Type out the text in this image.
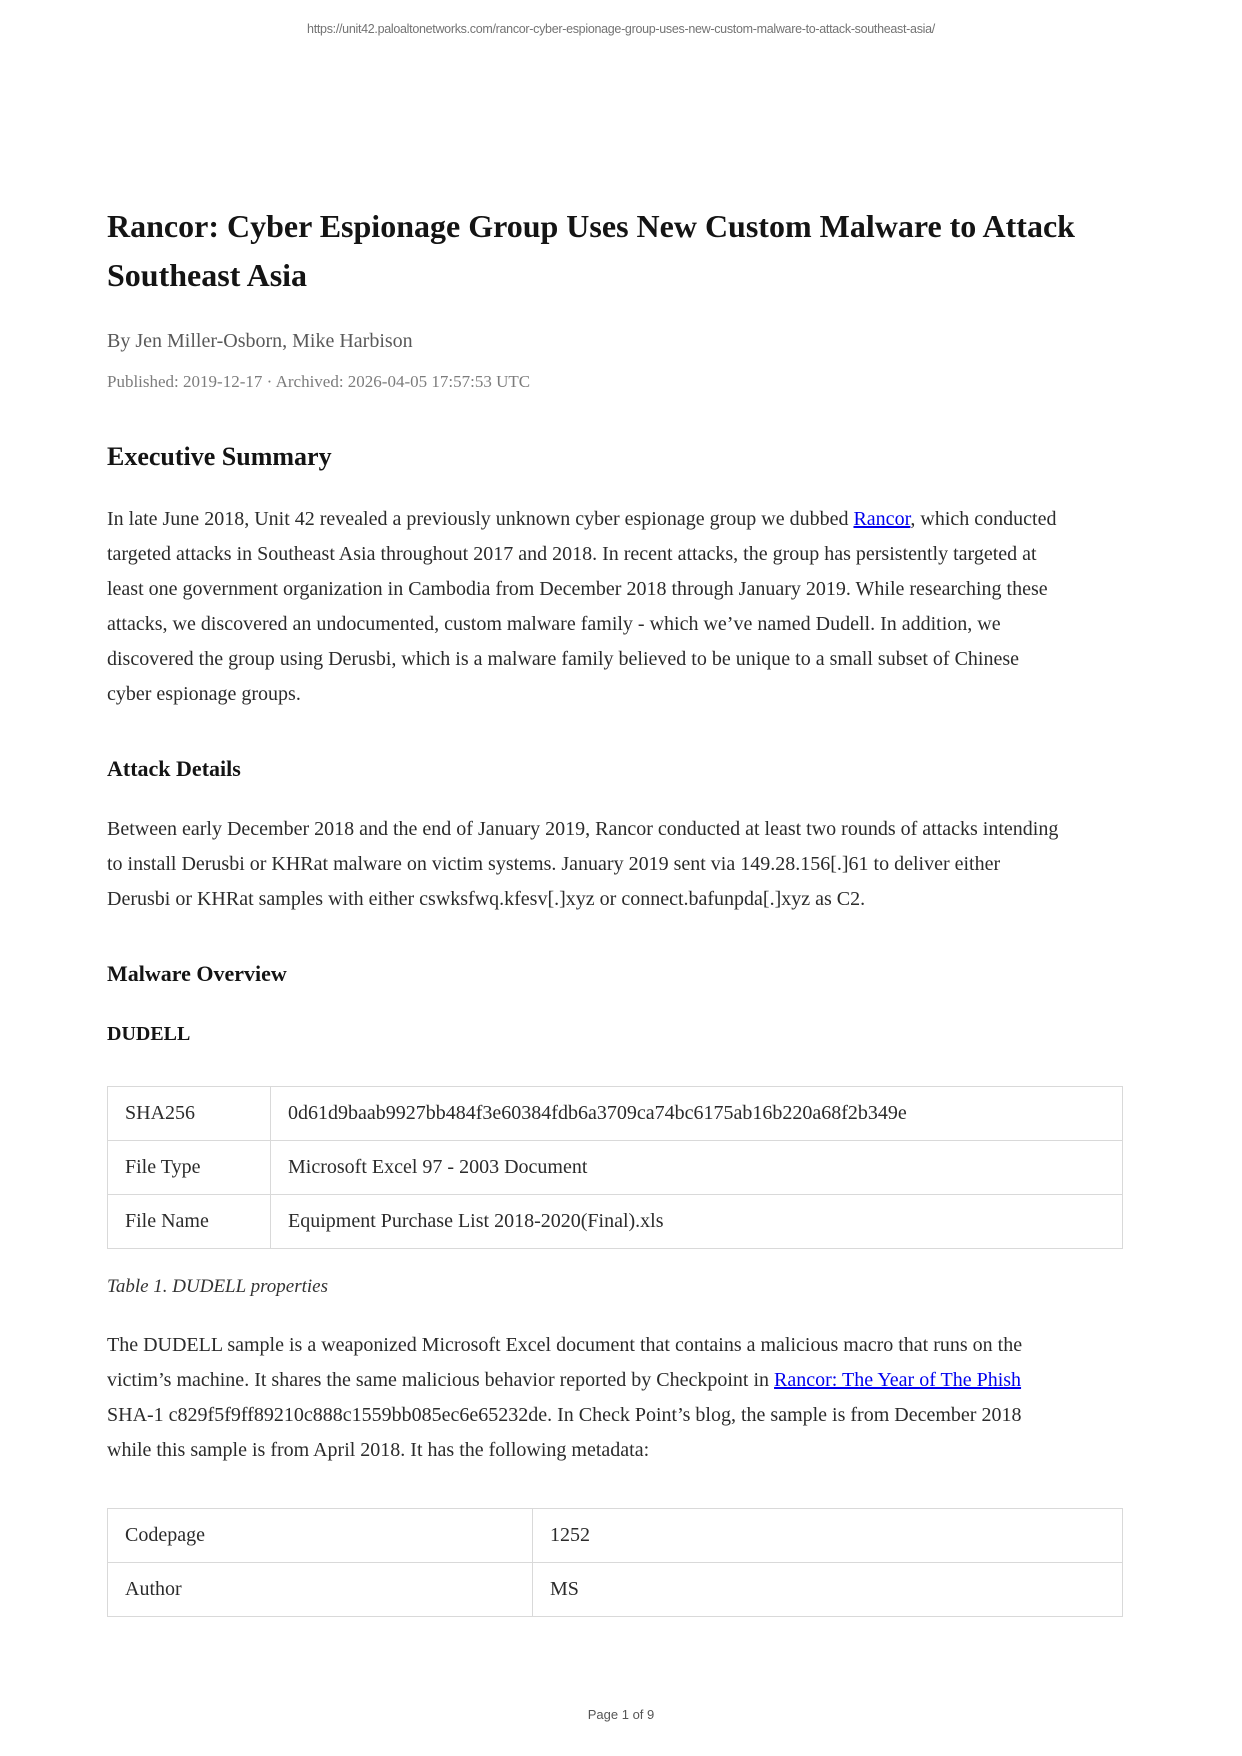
https://unit42.paloaltonetworks.com/rancor-cyber-espionage-group-uses-new-custom-malware-to-attack-southeast-asia/
Rancor: Cyber Espionage Group Uses New Custom Malware to Attack Southeast Asia
By Jen Miller-Osborn, Mike Harbison
Published: 2019-12-17 · Archived: 2026-04-05 17:57:53 UTC
Executive Summary

In late June 2018, Unit 42 revealed a previously unknown cyber espionage group we dubbed Rancor, which conducted targeted attacks in Southeast Asia throughout 2017 and 2018. In recent attacks, the group has persistently targeted at least one government organization in Cambodia from December 2018 through January 2019. While researching these attacks, we discovered an undocumented, custom malware family - which we’ve named Dudell. In addition, we discovered the group using Derusbi, which is a malware family believed to be unique to a small subset of Chinese cyber espionage groups.

Attack Details

Between early December 2018 and the end of January 2019, Rancor conducted at least two rounds of attacks intending to install Derusbi or KHRat malware on victim systems. January 2019 sent via 149.28.156[.]61 to deliver either Derusbi or KHRat samples with either cswksfwq.kfesv[.]xyz or connect.bafunpda[.]xyz as C2.

Malware Overview
DUDELL
SHA256	0d61d9baab9927bb484f3e60384fdb6a3709ca74bc6175ab16b220a68f2b349e
File Type	Microsoft Excel 97 - 2003 Document
File Name	Equipment Purchase List 2018-2020(Final).xls
Table 1. DUDELL properties

The DUDELL sample is a weaponized Microsoft Excel document that contains a malicious macro that runs on the victim’s machine. It shares the same malicious behavior reported by Checkpoint in Rancor: The Year of The Phish SHA-1 c829f5f9ff89210c888c1559bb085ec6e65232de. In Check Point’s blog, the sample is from December 2018 while this sample is from April 2018. It has the following metadata:

Codepage	1252
Author	MS
Page 1 of 9
